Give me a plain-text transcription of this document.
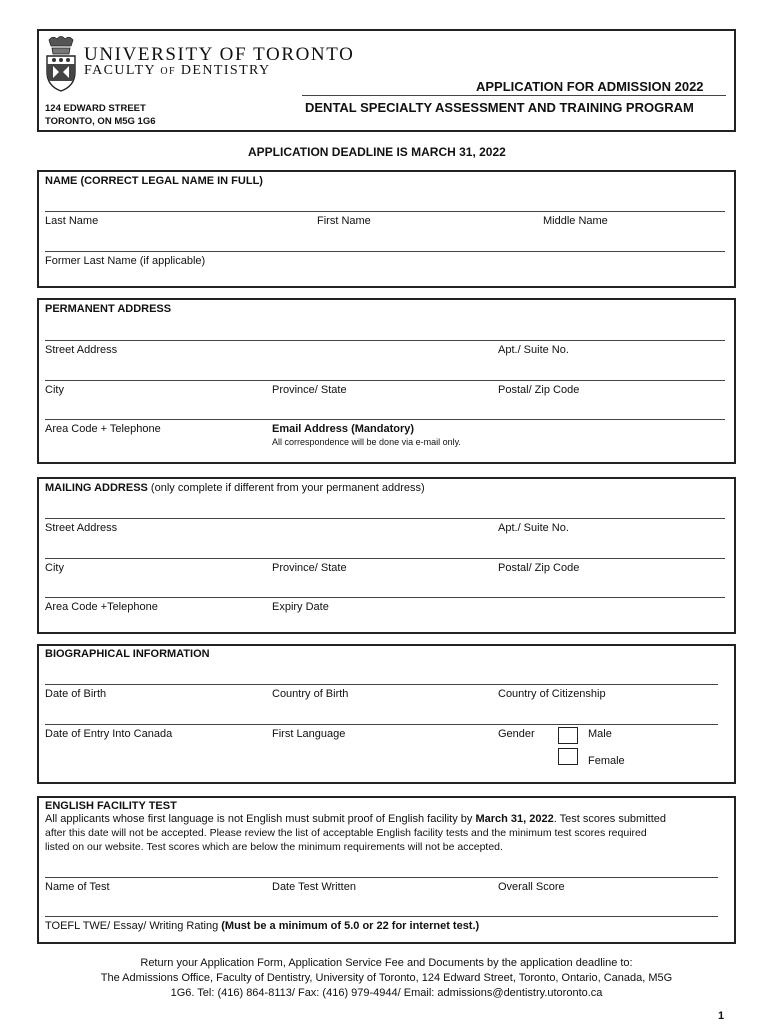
UNIVERSITY OF TORONTO
FACULTY OF DENTISTRY
APPLICATION FOR ADMISSION 2022
DENTAL SPECIALTY ASSESSMENT AND TRAINING PROGRAM
124 EDWARD STREET
TORONTO, ON M5G 1G6
APPLICATION DEADLINE IS MARCH 31, 2022
NAME (CORRECT LEGAL NAME IN FULL)
Last Name	First Name	Middle Name
Former Last Name (if applicable)
PERMANENT ADDRESS
Street Address	Apt./ Suite No.
City	Province/ State	Postal/ Zip Code
Area Code + Telephone	Email Address (Mandatory)
All correspondence will be done via e-mail only.
MAILING ADDRESS (only complete if different from your permanent address)
Street Address	Apt./ Suite No.
City	Province/ State	Postal/ Zip Code
Area Code +Telephone	Expiry Date
BIOGRAPHICAL INFORMATION
Date of Birth	Country of Birth	Country of Citizenship
Date of Entry Into Canada	First Language	Gender	Male
Female
ENGLISH FACILITY TEST
All applicants whose first language is not English must submit proof of English facility by March 31, 2022. Test scores submitted
after this date will not be accepted. Please review the list of acceptable English facility tests and the minimum test scores required
listed on our website. Test scores which are below the minimum requirements will not be accepted.
Name of Test	Date Test Written	Overall Score
TOEFL TWE/ Essay/ Writing Rating (Must be a minimum of 5.0 or 22 for internet test.)
Return your Application Form, Application Service Fee and Documents by the application deadline to:
The Admissions Office, Faculty of Dentistry, University of Toronto, 124 Edward Street, Toronto, Ontario, Canada, M5G
1G6. Tel: (416) 864-8113/ Fax: (416) 979-4944/ Email: admissions@dentistry.utoronto.ca
1
